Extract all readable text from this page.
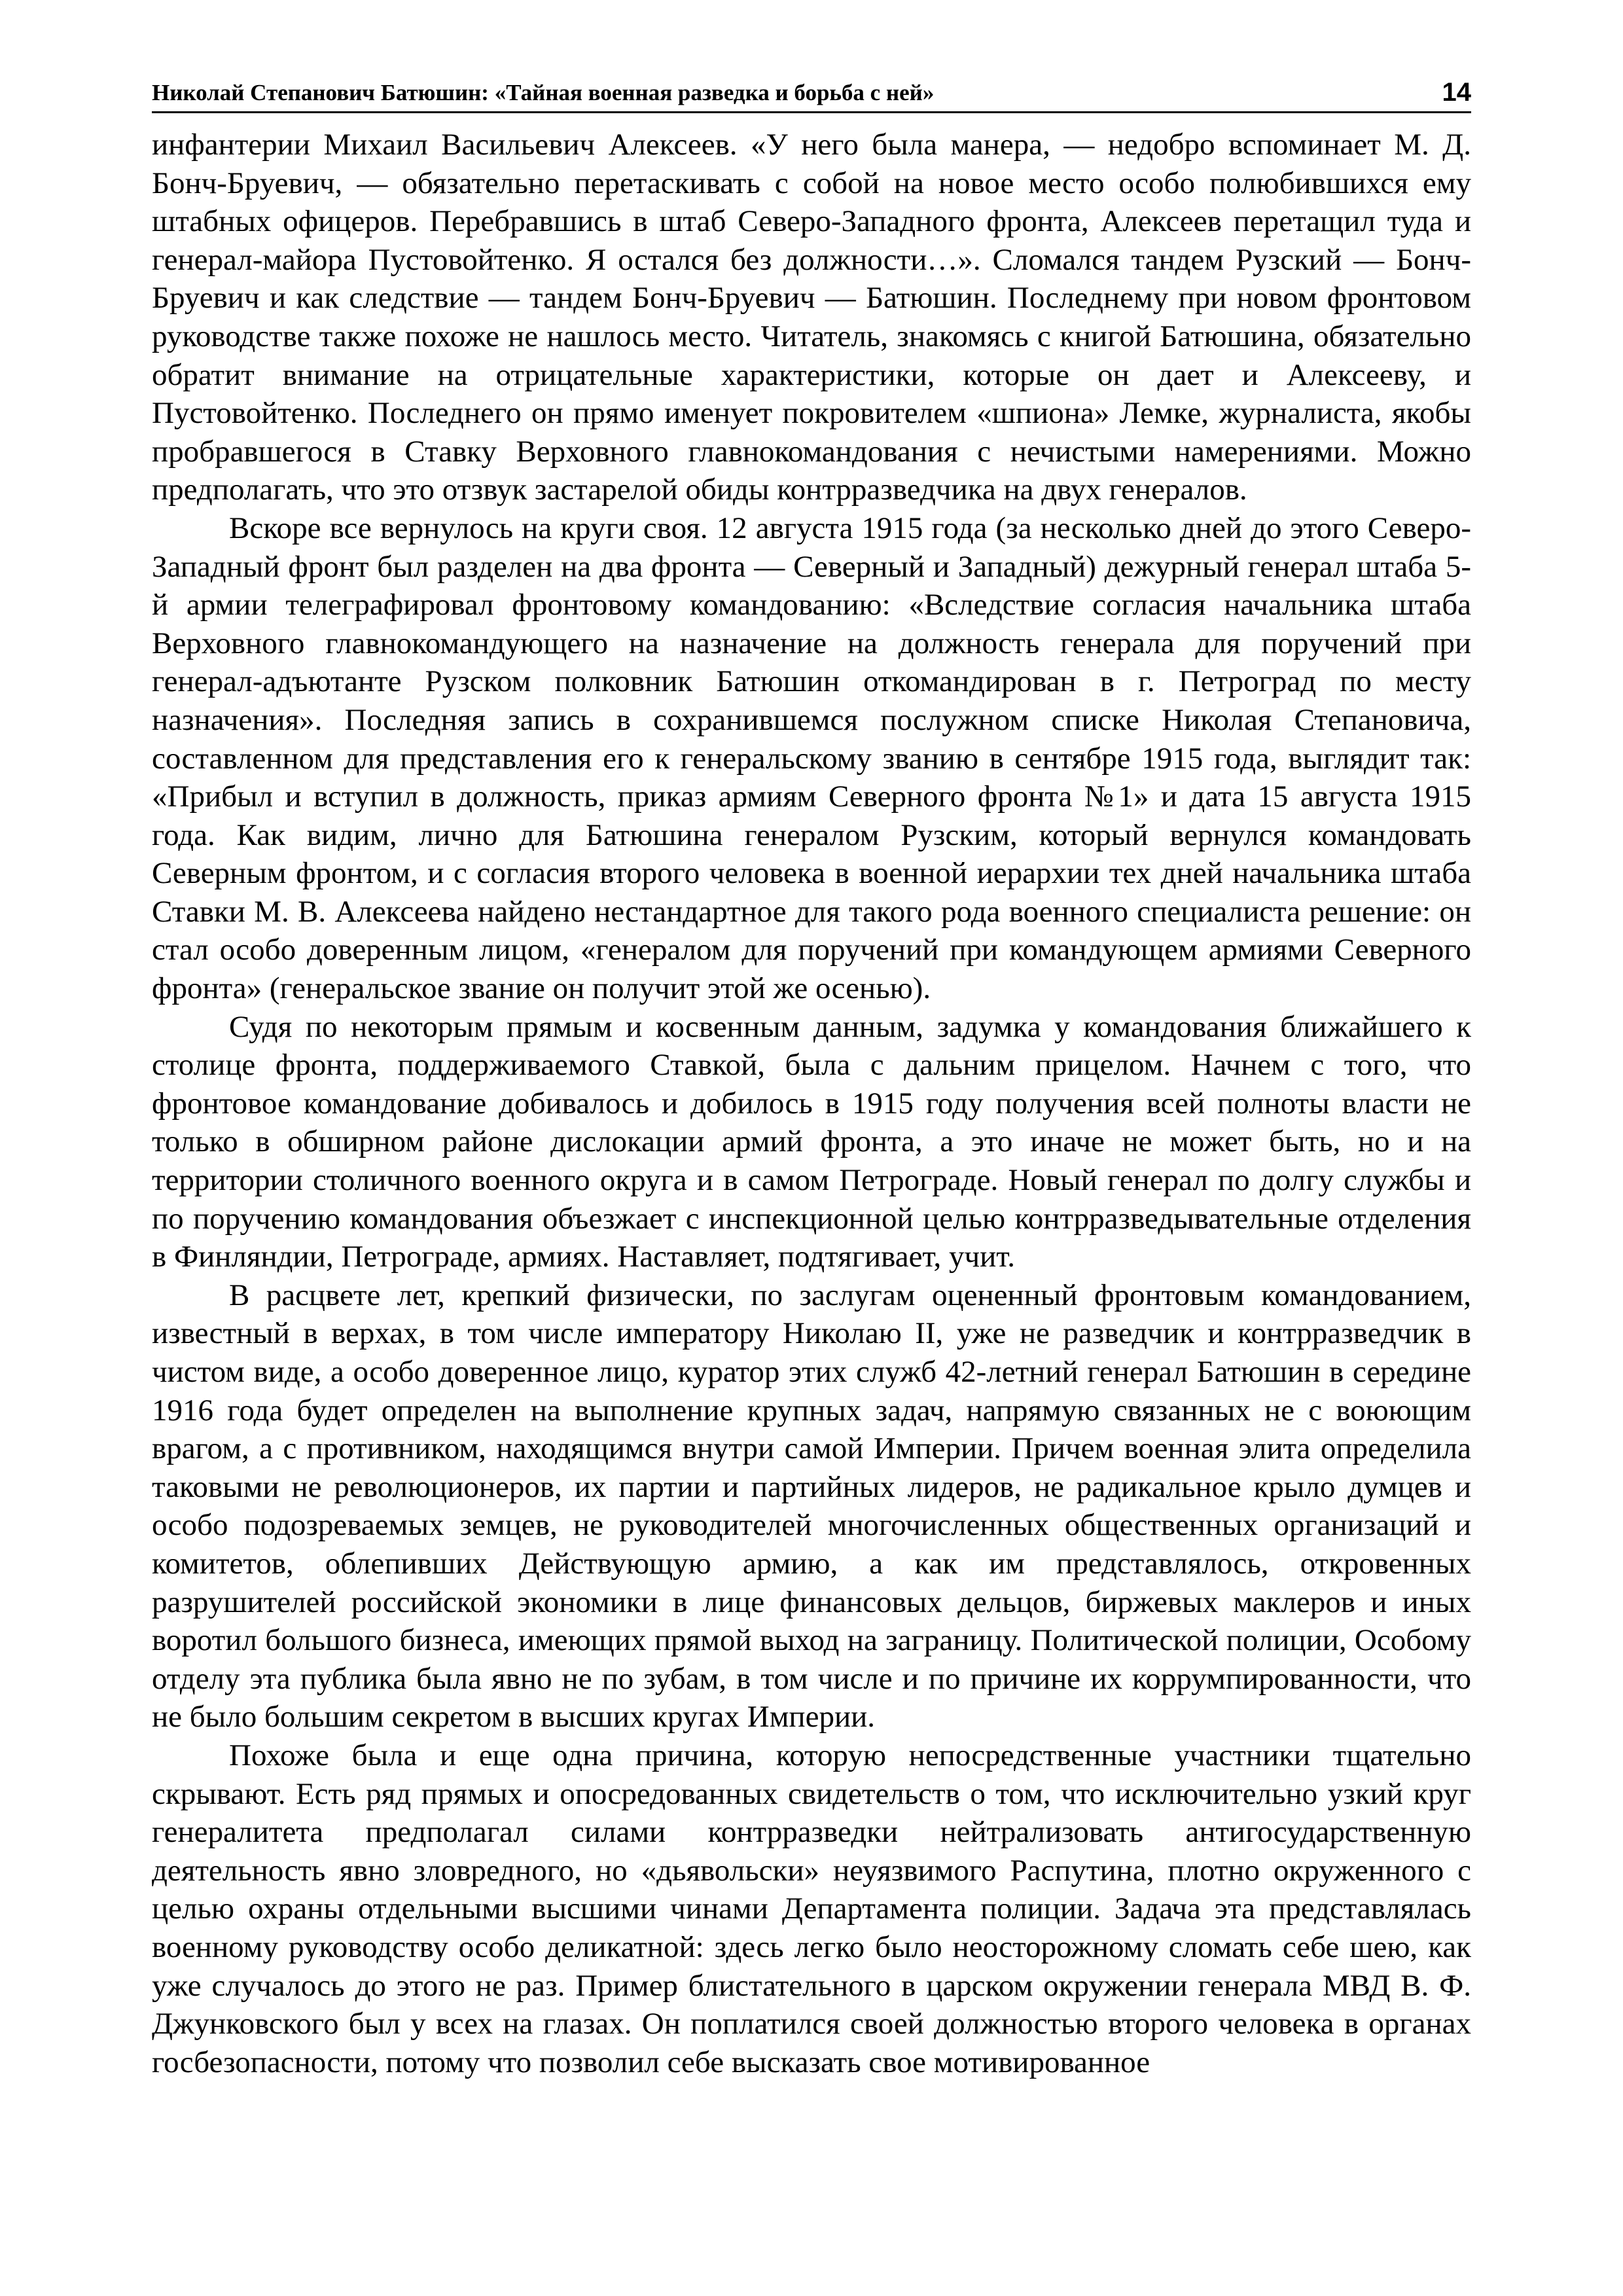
Николай Степанович Батюшин: «Тайная военная разведка и борьба с ней»	14

инфантерии Михаил Васильевич Алексеев. «У него была манера, — недобро вспоминает М. Д. Бонч-Бруевич, — обязательно перетаскивать с собой на новое место особо полюбившихся ему штабных офицеров. Перебравшись в штаб Северо-Западного фронта, Алексеев перетащил туда и генерал-майора Пустовойтенко. Я остался без должности…». Сломался тандем Рузский — Бонч-Бруевич и как следствие — тандем Бонч-Бруевич — Батюшин. Последнему при новом фронтовом руководстве также похоже не нашлось место. Читатель, знакомясь с книгой Батюшина, обязательно обратит внимание на отрицательные характеристики, которые он дает и Алексееву, и Пустовойтенко. Последнего он прямо именует покровителем «шпиона» Лемке, журналиста, якобы пробравшегося в Ставку Верховного главнокомандования с нечистыми намерениями. Можно предполагать, что это отзвук застарелой обиды контрразведчика на двух генералов.

Вскоре все вернулось на круги своя. 12 августа 1915 года (за несколько дней до этого Северо-Западный фронт был разделен на два фронта — Северный и Западный) дежурный генерал штаба 5-й армии телеграфировал фронтовому командованию: «Вследствие согласия начальника штаба Верховного главнокомандующего на назначение на должность генерала для поручений при генерал-адъютанте Рузском полковник Батюшин откомандирован в г. Петроград по месту назначения». Последняя запись в сохранившемся послужном списке Николая Степановича, составленном для представления его к генеральскому званию в сентябре 1915 года, выглядит так: «Прибыл и вступил в должность, приказ армиям Северного фронта №1» и дата 15 августа 1915 года. Как видим, лично для Батюшина генералом Рузским, который вернулся командовать Северным фронтом, и с согласия второго человека в военной иерархии тех дней начальника штаба Ставки М. В. Алексеева найдено нестандартное для такого рода военного специалиста решение: он стал особо доверенным лицом, «генералом для поручений при командующем армиями Северного фронта» (генеральское звание он получит этой же осенью).

Судя по некоторым прямым и косвенным данным, задумка у командования ближайшего к столице фронта, поддерживаемого Ставкой, была с дальним прицелом. Начнем с того, что фронтовое командование добивалось и добилось в 1915 году получения всей полноты власти не только в обширном районе дислокации армий фронта, а это иначе не может быть, но и на территории столичного военного округа и в самом Петрограде. Новый генерал по долгу службы и по поручению командования объезжает с инспекционной целью контрразведывательные отделения в Финляндии, Петрограде, армиях. Наставляет, подтягивает, учит.

В расцвете лет, крепкий физически, по заслугам оцененный фронтовым командованием, известный в верхах, в том числе императору Николаю II, уже не разведчик и контрразведчик в чистом виде, а особо доверенное лицо, куратор этих служб 42-летний генерал Батюшин в середине 1916 года будет определен на выполнение крупных задач, напрямую связанных не с воюющим врагом, а с противником, находящимся внутри самой Империи. Причем военная элита определила таковыми не революционеров, их партии и партийных лидеров, не радикальное крыло думцев и особо подозреваемых земцев, не руководителей многочисленных общественных организаций и комитетов, облепивших Действующую армию, а как им представлялось, откровенных разрушителей российской экономики в лице финансовых дельцов, биржевых маклеров и иных воротил большого бизнеса, имеющих прямой выход на заграницу. Политической полиции, Особому отделу эта публика была явно не по зубам, в том числе и по причине их коррумпированности, что не было большим секретом в высших кругах Империи.

Похоже была и еще одна причина, которую непосредственные участники тщательно скрывают. Есть ряд прямых и опосредованных свидетельств о том, что исключительно узкий круг генералитета предполагал силами контрразведки нейтрализовать антигосударственную деятельность явно зловредного, но «дьявольски» неуязвимого Распутина, плотно окруженного с целью охраны отдельными высшими чинами Департамента полиции. Задача эта представлялась военному руководству особо деликатной: здесь легко было неосторожному сломать себе шею, как уже случалось до этого не раз. Пример блистательного в царском окружении генерала МВД В. Ф. Джунковского был у всех на глазах. Он поплатился своей должностью второго человека в органах госбезопасности, потому что позволил себе высказать свое мотивированное
